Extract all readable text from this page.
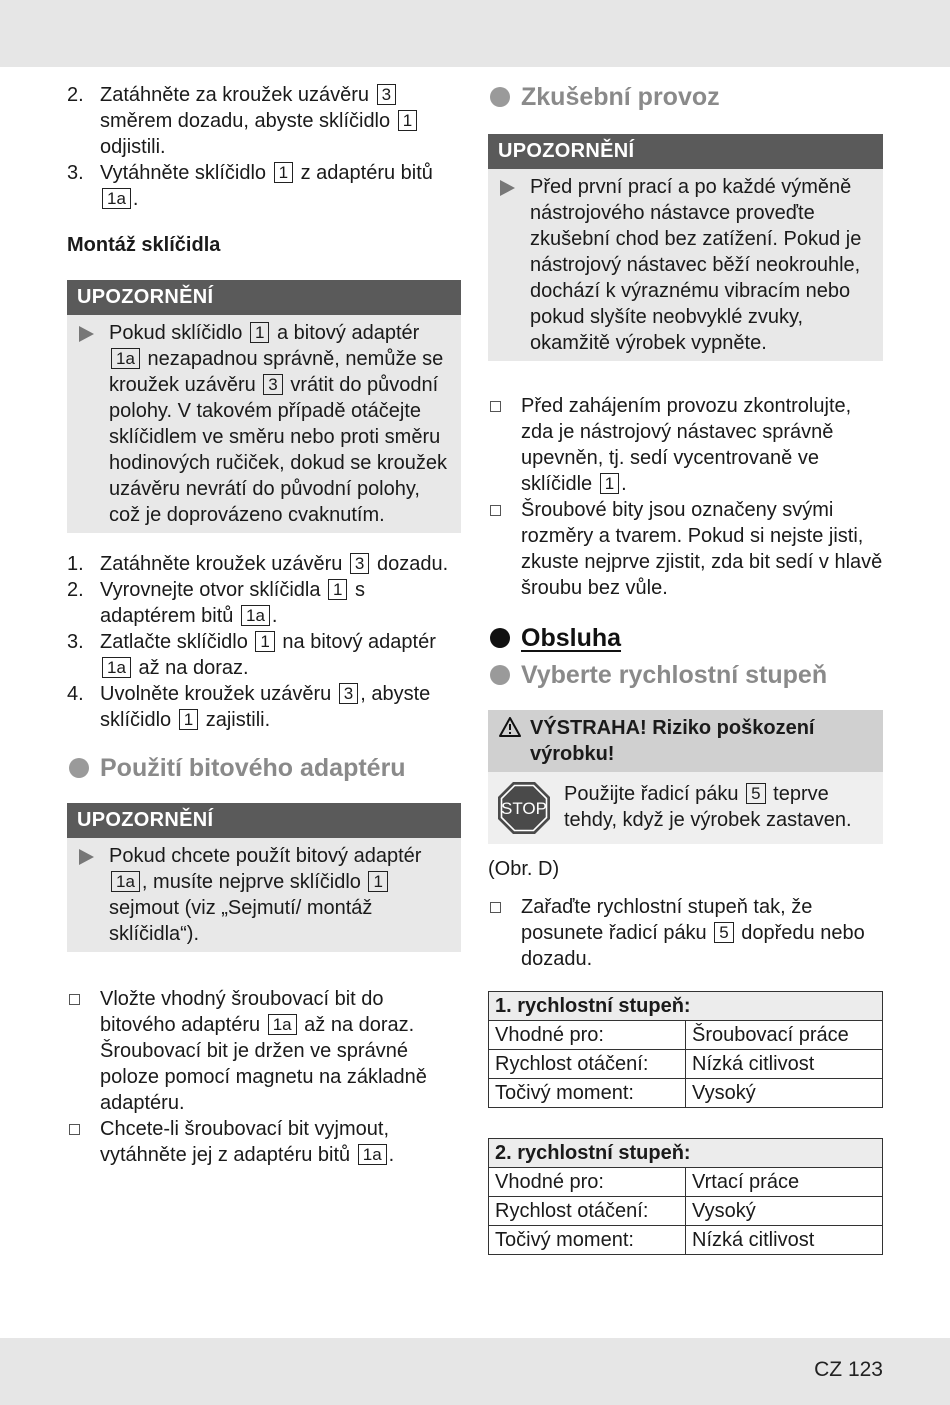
2. Zatáhněte za kroužek uzávěru 3 směrem dozadu, abyste sklíčidlo 1 odjistili.
3. Vytáhněte sklíčidlo 1 z adaptéru bitů 1a .
Montáž sklíčidla
UPOZORNĚNÍ
Pokud sklíčidlo 1 a bitový adaptér 1a nezapadnou správně, nemůže se kroužek uzávěru 3 vrátit do původní polohy. V takovém případě otáčejte sklíčidlem ve směru nebo proti směru hodinových ručiček, dokud se kroužek uzávěru nevrátí do původní polohy, což je doprovázeno cvaknutím.
1. Zatáhněte kroužek uzávěru 3 dozadu.
2. Vyrovnejte otvor sklíčidla 1 s adaptérem bitů 1a .
3. Zatlačte sklíčidlo 1 na bitový adaptér 1a až na doraz.
4. Uvolněte kroužek uzávěru 3 , abyste sklíčidlo 1 zajistili.
Použití bitového adaptéru
UPOZORNĚNÍ
Pokud chcete použít bitový adaptér 1a , musíte nejprve sklíčidlo 1 sejmout (viz „Sejmutí/ montáž sklíčidla“).
Vložte vhodný šroubovací bit do bitového adaptéru 1a až na doraz. Šroubovací bit je držen ve správné poloze pomocí magnetu na základně adaptéru.
Chcete-li šroubovací bit vyjmout, vytáhněte jej z adaptéru bitů 1a .
Zkušební provoz
UPOZORNĚNÍ
Před první prací a po každé výměně nástrojového nástavce proveďte zkušební chod bez zatížení. Pokud je nástrojový nástavec běží neokrouhle, dochází k výraznému vibracím nebo pokud slyšíte neobvyklé zvuky, okamžitě výrobek vypněte.
Před zahájením provozu zkontrolujte, zda je nástrojový nástavec správně upevněn, tj. sedí vycentrovaně ve sklíčidle 1 .
Šroubové bity jsou označeny svými rozměry a tvarem. Pokud si nejste jisti, zkuste nejprve zjistit, zda bit sedí v hlavě šroubu bez vůle.
Obsluha
Vyberte rychlostní stupeň
VÝSTRAHA! Riziko poškození výrobku!
STOP
Použijte řadicí páku 5 teprve tehdy, když je výrobek zastaven.
(Obr. D)
Zařaďte rychlostní stupeň tak, že posunete řadicí páku 5 dopředu nebo dozadu.
1. rychlostní stupeň:	
Vhodné pro:	Šroubovací práce
Rychlost otáčení:	Nízká citlivost
Točivý moment:	Vysoký
2. rychlostní stupeň:	
Vhodné pro:	Vrtací práce
Rychlost otáčení:	Vysoký
Točivý moment:	Nízká citlivost
CZ 123
